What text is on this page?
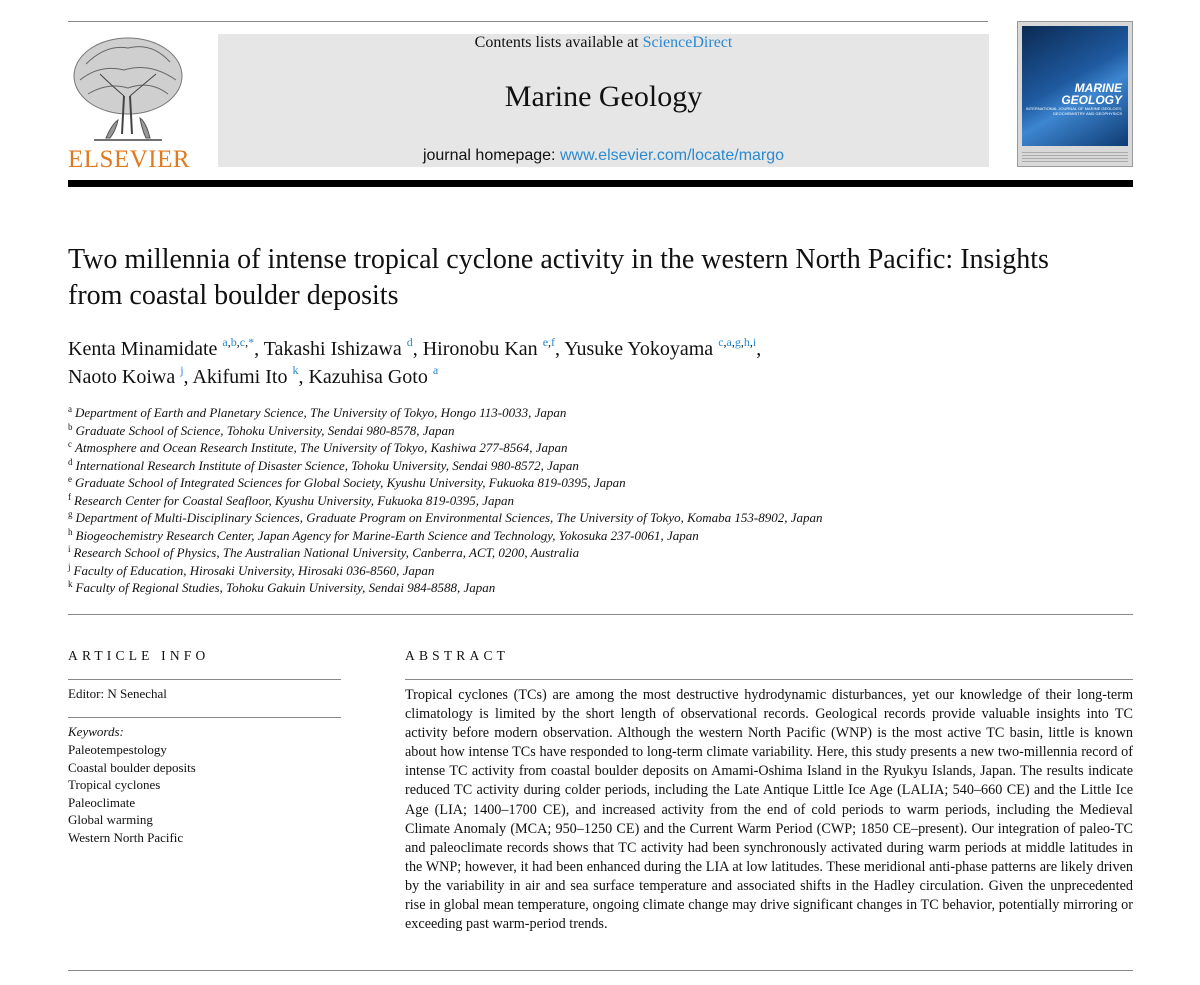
ELSEVIER
Contents lists available at ScienceDirect
Marine Geology
journal homepage: www.elsevier.com/locate/margo
MARINE
GEOLOGY
INTERNATIONAL JOURNAL OF MARINE GEOLOGY, GEOCHEMISTRY AND GEOPHYSICS
Two millennia of intense tropical cyclone activity in the western North Pacific: Insights from coastal boulder deposits
Kenta Minamidate $^{a,b,c,*}$, Takashi Ishizawa $^d$, Hironobu Kan $^{e,f}$, Yusuke Yokoyama $^{c,a,g,h,i}$,
Naoto Koiwa $^j$, Akifumi Ito $^k$, Kazuhisa Goto $^a$
$^a$ Department of Earth and Planetary Science, The University of Tokyo, Hongo 113-0033, Japan
$^b$ Graduate School of Science, Tohoku University, Sendai 980-8578, Japan
$^c$ Atmosphere and Ocean Research Institute, The University of Tokyo, Kashiwa 277-8564, Japan
$^d$ International Research Institute of Disaster Science, Tohoku University, Sendai 980-8572, Japan
$^e$ Graduate School of Integrated Sciences for Global Society, Kyushu University, Fukuoka 819-0395, Japan
$^f$ Research Center for Coastal Seafloor, Kyushu University, Fukuoka 819-0395, Japan
$^g$ Department of Multi-Disciplinary Sciences, Graduate Program on Environmental Sciences, The University of Tokyo, Komaba 153-8902, Japan
$^h$ Biogeochemistry Research Center, Japan Agency for Marine-Earth Science and Technology, Yokosuka 237-0061, Japan
$^i$ Research School of Physics, The Australian National University, Canberra, ACT, 0200, Australia
$^j$ Faculty of Education, Hirosaki University, Hirosaki 036-8560, Japan
$^k$ Faculty of Regional Studies, Tohoku Gakuin University, Sendai 984-8588, Japan
ARTICLE INFO
Editor: N Senechal
Keywords:
Paleotempestology
Coastal boulder deposits
Tropical cyclones
Paleoclimate
Global warming
Western North Pacific
ABSTRACT
Tropical cyclones (TCs) are among the most destructive hydrodynamic disturbances, yet our knowledge of their long-term climatology is limited by the short length of observational records. Geological records provide valuable insights into TC activity before modern observation. Although the western North Pacific (WNP) is the most active TC basin, little is known about how intense TCs have responded to long-term climate variability. Here, this study presents a new two-millennia record of intense TC activity from coastal boulder deposits on Amami-Oshima Island in the Ryukyu Islands, Japan. The results indicate reduced TC activity during colder periods, including the Late Antique Little Ice Age (LALIA; 540–660 CE) and the Little Ice Age (LIA; 1400–1700 CE), and increased activity from the end of cold periods to warm periods, including the Medieval Climate Anomaly (MCA; 950–1250 CE) and the Current Warm Period (CWP; 1850 CE–present). Our integration of paleo-TC and paleoclimate records shows that TC activity had been synchronously activated during warm periods at middle latitudes in the WNP; however, it had been enhanced during the LIA at low latitudes. These meridional anti-phase patterns are likely driven by the variability in air and sea surface temperature and associated shifts in the Hadley circulation. Given the unprecedented rise in global mean temperature, ongoing climate change may drive significant changes in TC behavior, potentially mirroring or exceeding past warm-period trends.
